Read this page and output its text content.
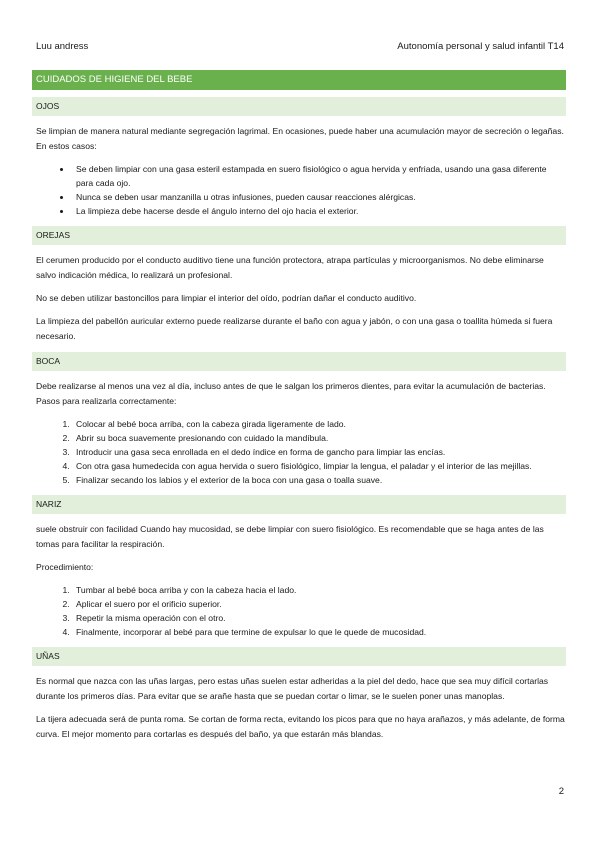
Luu andress	Autonomía personal y salud infantil T14
CUIDADOS DE HIGIENE DEL BEBE
OJOS

Se limpian de manera natural mediante segregación lagrimal. En ocasiones, puede haber una acumulación mayor de secreción o legañas. En estos casos:

• Se deben limpiar con una gasa esteril estampada en suero fisiológico o agua hervida y enfriada, usando una gasa diferente para cada ojo.
• Nunca se deben usar manzanilla u otras infusiones, pueden causar reacciones alérgicas.
• La limpieza debe hacerse desde el ángulo interno del ojo hacia el exterior.
OREJAS

El cerumen producido por el conducto auditivo tiene una función protectora, atrapa partículas y microorganismos. No debe eliminarse salvo indicación médica, lo realizará un profesional.

No se deben utilizar bastoncillos para limpiar el interior del oído, podrían dañar el conducto auditivo.

La limpieza del pabellón auricular externo puede realizarse durante el baño con agua y jabón, o con una gasa o toallita húmeda si fuera necesario.

BOCA

Debe realizarse al menos una vez al día, incluso antes de que le salgan los primeros dientes, para evitar la acumulación de bacterias. Pasos para realizarla correctamente:

1. Colocar al bebé boca arriba, con la cabeza girada ligeramente de lado.
2. Abrir su boca suavemente presionando con cuidado la mandíbula.
3. Introducir una gasa seca enrollada en el dedo índice en forma de gancho para limpiar las encías.
4. Con otra gasa humedecida con agua hervida o suero fisiológico, limpiar la lengua, el paladar y el interior de las mejillas.
5. Finalizar secando los labios y el exterior de la boca con una gasa o toalla suave.
NARIZ

suele obstruir con facilidad Cuando hay mucosidad, se debe limpiar con suero fisiológico. Es recomendable que se haga antes de las tomas para facilitar la respiración.

Procedimiento:

1. Tumbar al bebé boca arriba y con la cabeza hacia el lado.
2. Aplicar el suero por el orificio superior.
3. Repetir la misma operación con el otro.
4. Finalmente, incorporar al bebé para que termine de expulsar lo que le quede de mucosidad.
UÑAS

Es normal que nazca con las uñas largas, pero estas uñas suelen estar adheridas a la piel del dedo, hace que sea muy difícil cortarlas durante los primeros días. Para evitar que se arañe hasta que se puedan cortar o limar, se le suelen poner unas manoplas.

La tijera adecuada será de punta roma. Se cortan de forma recta, evitando los picos para que no haya arañazos, y más adelante, de forma curva. El mejor momento para cortarlas es después del baño, ya que estarán más blandas.

2
